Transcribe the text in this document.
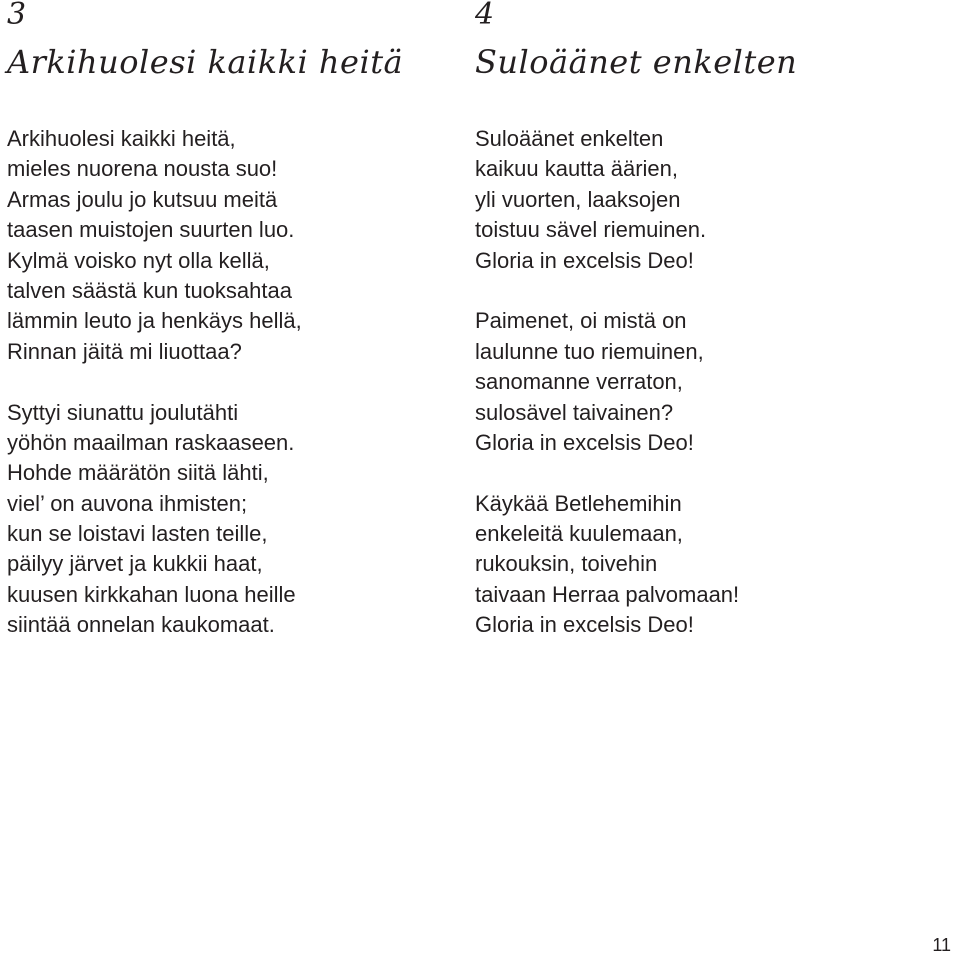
3
Arkihuolesi kaikki heitä
Arkihuolesi kaikki heitä,
mieles nuorena nousta suo!
Armas joulu jo kutsuu meitä
taasen muistojen suurten luo.
Kylmä voisko nyt olla kellä,
talven säästä kun tuoksahtaa
lämmin leuto ja henkäys hellä,
Rinnan jäitä mi liuottaa?
Syttyi siunattu joulutähti
yöhön maailman raskaaseen.
Hohde määrätön siitä lähti,
viel’ on auvona ihmisten;
kun se loistavi lasten teille,
päilyy järvet ja kukkii haat,
kuusen kirkkahan luona heille
siintää onnelan kaukomaat.
4
Suloäänet enkelten
Suloäänet enkelten
kaikuu kautta äärien,
yli vuorten, laaksojen
toistuu sävel riemuinen.
Gloria in excelsis Deo!
Paimenet, oi mistä on
laulunne tuo riemuinen,
sanomanne verraton,
sulosävel taivainen?
Gloria in excelsis Deo!
Käykää Betlehemihin
enkeleitä kuulemaan,
rukouksin, toivehin
taivaan Herraa palvomaan!
Gloria in excelsis Deo!
11
